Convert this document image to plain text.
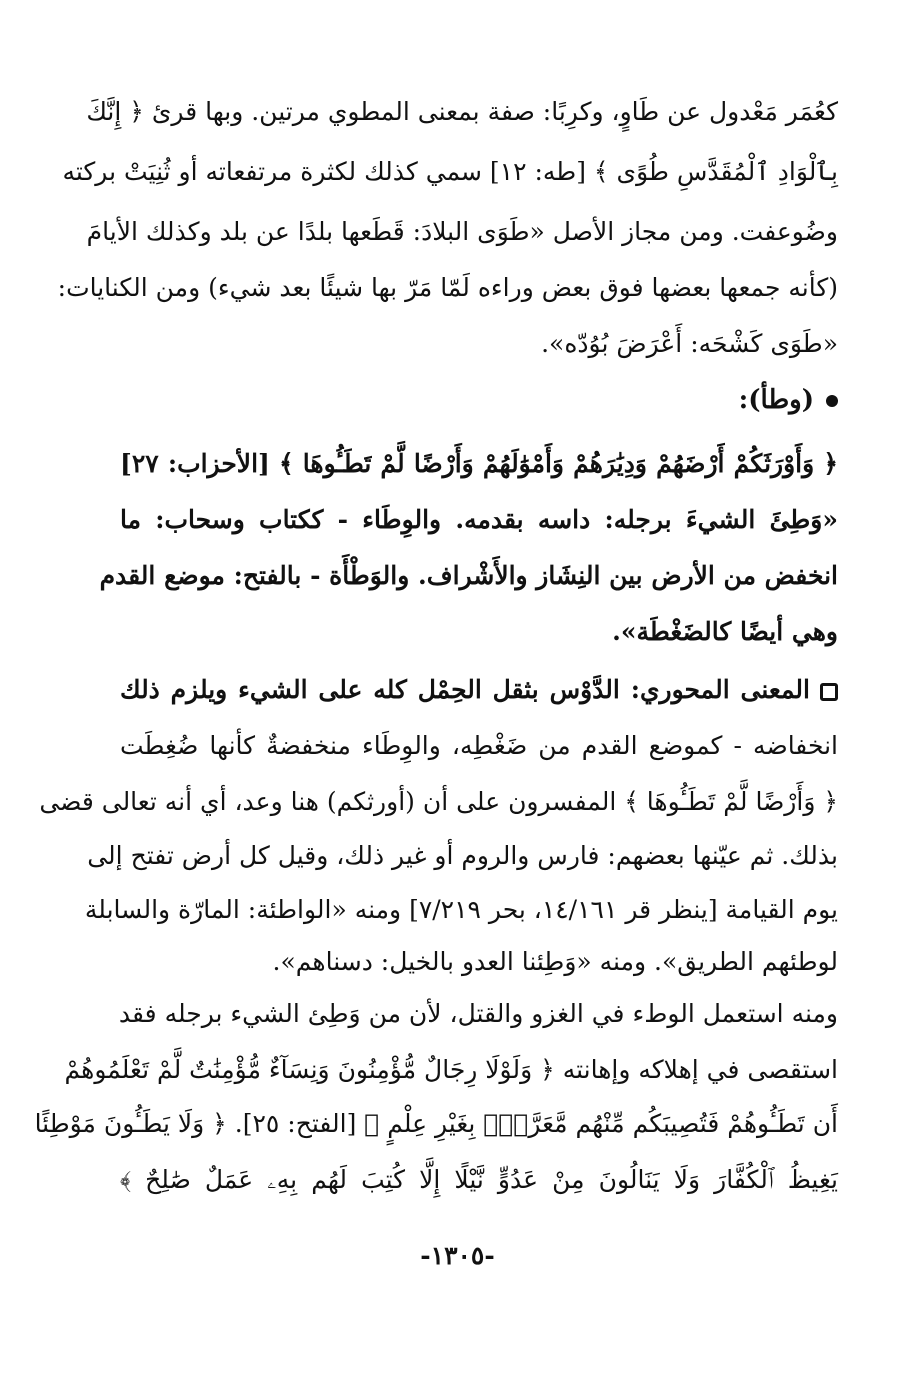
كعُمَر مَعْدول عن طَاوٍ، وكرِبًا: صفة بمعنى المطوي مرتين. وبها قرئ ﴿ إِنَّكَ
بِٱلْوَادِ ٱلْمُقَدَّسِ طُوًى ﴾ [طه: ١٢] سمي كذلك لكثرة مرتفعاته أو ثُنِيَتْ بركته
وضُوعفت. ومن مجاز الأصل «طَوَى البلادَ: قَطَعها بلدًا عن بلد وكذلك الأيامَ
(كأنه جمعها بعضها فوق بعض وراءه لَمّا مَرّ بها شيئًا بعد شيء) ومن الكنايات:
«طَوَى كَشْحَه: أَعْرَضَ بُوُدّه».
(وطأ):
﴿ وَأَوْرَثَكُمْ أَرْضَهُمْ وَدِيَٰرَهُمْ وَأَمْوَٰلَهُمْ وَأَرْضًا لَّمْ تَطَـُٔوهَا ﴾ [الأحزاب: ٢٧]
«وَطِئَ الشيءَ برجله: داسه بقدمه. والوِطَاء - ككتاب وسحاب: ما
انخفض من الأرض بين النِشَاز والأَشْراف. والوَطْأَة - بالفتح: موضع القدم
وهي أيضًا كالضَغْطَة».
المعنى المحوري: الدَّوْس بثقل الحِمْل كله على الشيء ويلزم ذلك
انخفاضه - كموضع القدم من ضَغْطِه، والوِطَاء منخفضةٌ كأنها ضُغِطَت
﴿ وَأَرْضًا لَّمْ تَطَـُٔوهَا ﴾ المفسرون على أن (أورثكم) هنا وعد، أي أنه تعالى قضى
بذلك. ثم عيّنها بعضهم: فارس والروم أو غير ذلك، وقيل كل أرض تفتح إلى
يوم القيامة [ينظر قر ١٤/١٦١، بحر ٧/٢١٩] ومنه «الواطئة: المارّة والسابلة
لوطئهم الطريق». ومنه «وَطِئنا العدو بالخيل: دسناهم».
ومنه استعمل الوطء في الغزو والقتل، لأن من وَطِئ الشيء برجله فقد
استقصى في إهلاكه وإهانته ﴿ وَلَوْلَا رِجَالٌ مُّؤْمِنُونَ وَنِسَآءٌ مُّؤْمِنَٰتٌ لَّمْ تَعْلَمُوهُمْ
أَن تَطَـُٔوهُمْ فَتُصِيبَكُم مِّنْهُم مَّعَرَّةٌۢ بِغَيْرِ عِلْمٍ ﴾ [الفتح: ٢٥]. ﴿ وَلَا يَطَـُٔونَ مَوْطِئًا
يَغِيظُ ٱلْكُفَّارَ وَلَا يَنَالُونَ مِنْ عَدُوٍّ نَّيْلًا إِلَّا كُتِبَ لَهُم بِهِۦ عَمَلٌ صَٰلِحٌ ﴾
-١٣٠٥-
